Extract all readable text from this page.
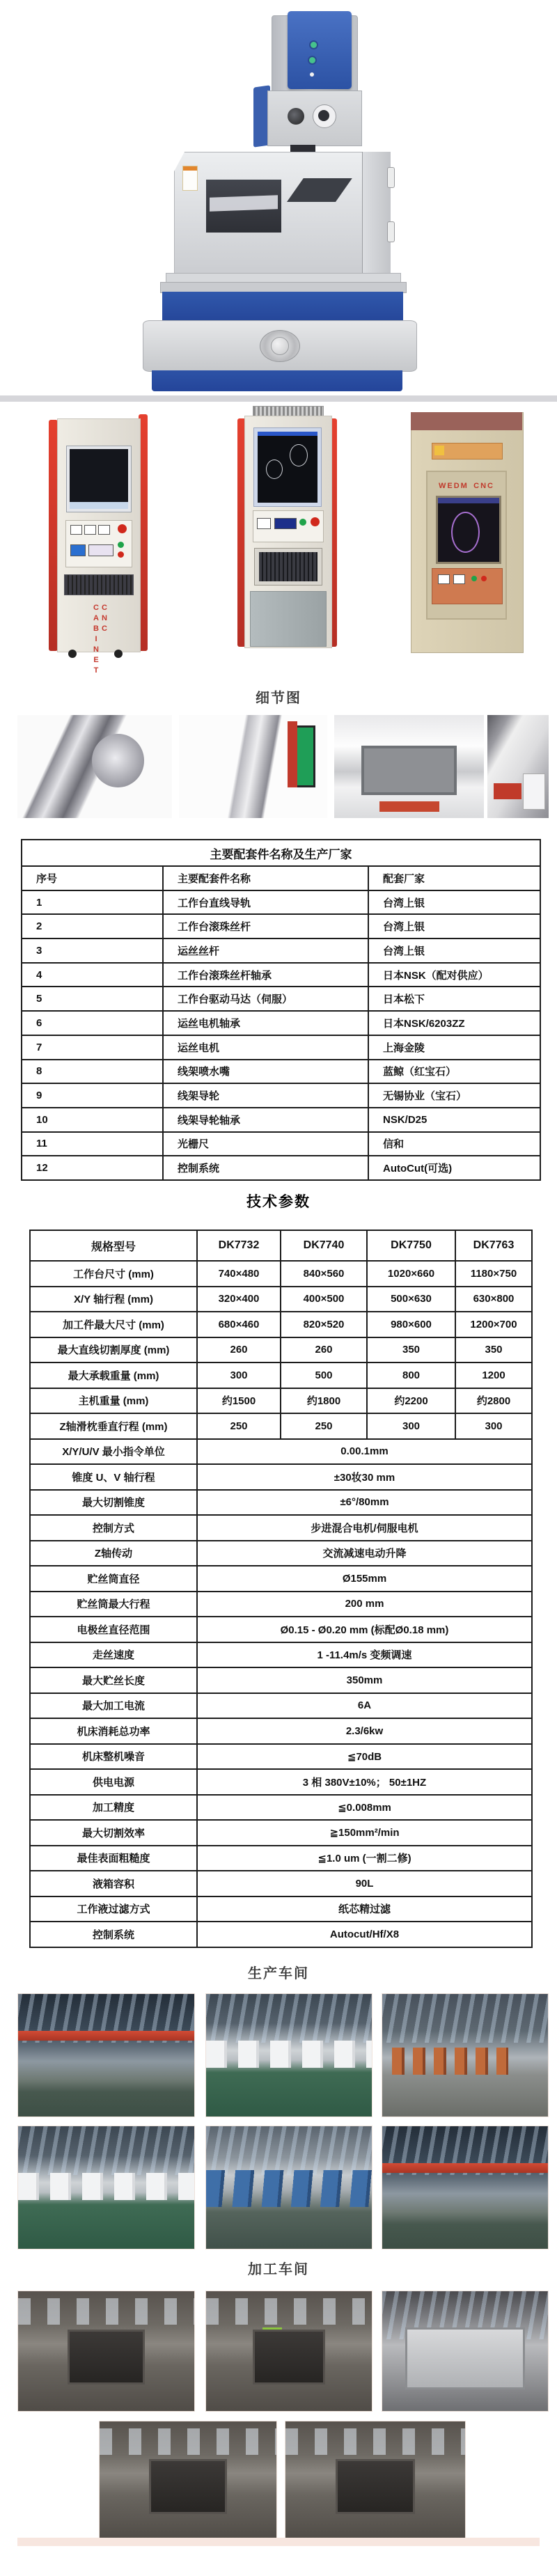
CNC CABINET
WEDM CNC
细节图
主要配套件名称及生产厂家		
序号	主要配套件名称	配套厂家
1	工作台直线导轨	台湾上银
2	工作台滚珠丝杆	台湾上银
3	运丝丝杆	台湾上银
4	工作台滚珠丝杆轴承	日本NSK（配对供应）
5	工作台驱动马达（伺服）	日本松下
6	运丝电机轴承	日本NSK/6203ZZ
7	运丝电机	上海金陵
8	线架喷水嘴	蓝鲸（红宝石）
9	线架导轮	无锡协业（宝石）
10	线架导轮轴承	NSK/D25
11	光栅尺	信和
12	控制系统	AutoCut(可选)
技术参数
规格型号	DK7732	DK7740	DK7750	DK7763
工作台尺寸 (mm)	740×480	840×560	1020×660	1180×750
X/Y 轴行程 (mm)	320×400	400×500	500×630	630×800
加工件最大尺寸 (mm)	680×460	820×520	980×600	1200×700
最大直线切割厚度 (mm)	260	260	350	350
最大承载重量 (mm)	300	500	800	1200
主机重量 (mm)	约1500	约1800	约2200	约2800
Z轴滑枕垂直行程 (mm)	250	250	300	300
X/Y/U/V 最小指令单位	0.00.1mm			
锥度 U、V 轴行程	±30妆30 mm			
最大切割锥度	±6°/80mm			
控制方式	步进混合电机/伺服电机			
Z轴传动	交流减速电动升降			
贮丝筒直径	Ø155mm			
贮丝筒最大行程	200 mm			
电极丝直径范围	Ø0.15 - Ø0.20 mm (标配Ø0.18 mm)			
走丝速度	1 -11.4m/s 变频调速			
最大贮丝长度	350mm			
最大加工电流	6A			
机床消耗总功率	2.3/6kw			
机床整机噪音	≦70dB			
供电电源	3 相 380V±10%； 50±1HZ			
加工精度	≦0.008mm			
最大切割效率	≧150mm²/min			
最佳表面粗糙度	≦1.0 um (一割二修)			
液箱容积	90L			
工作液过滤方式	纸芯精过滤			
控制系统	Autocut/Hf/X8			
生产车间
加工车间
